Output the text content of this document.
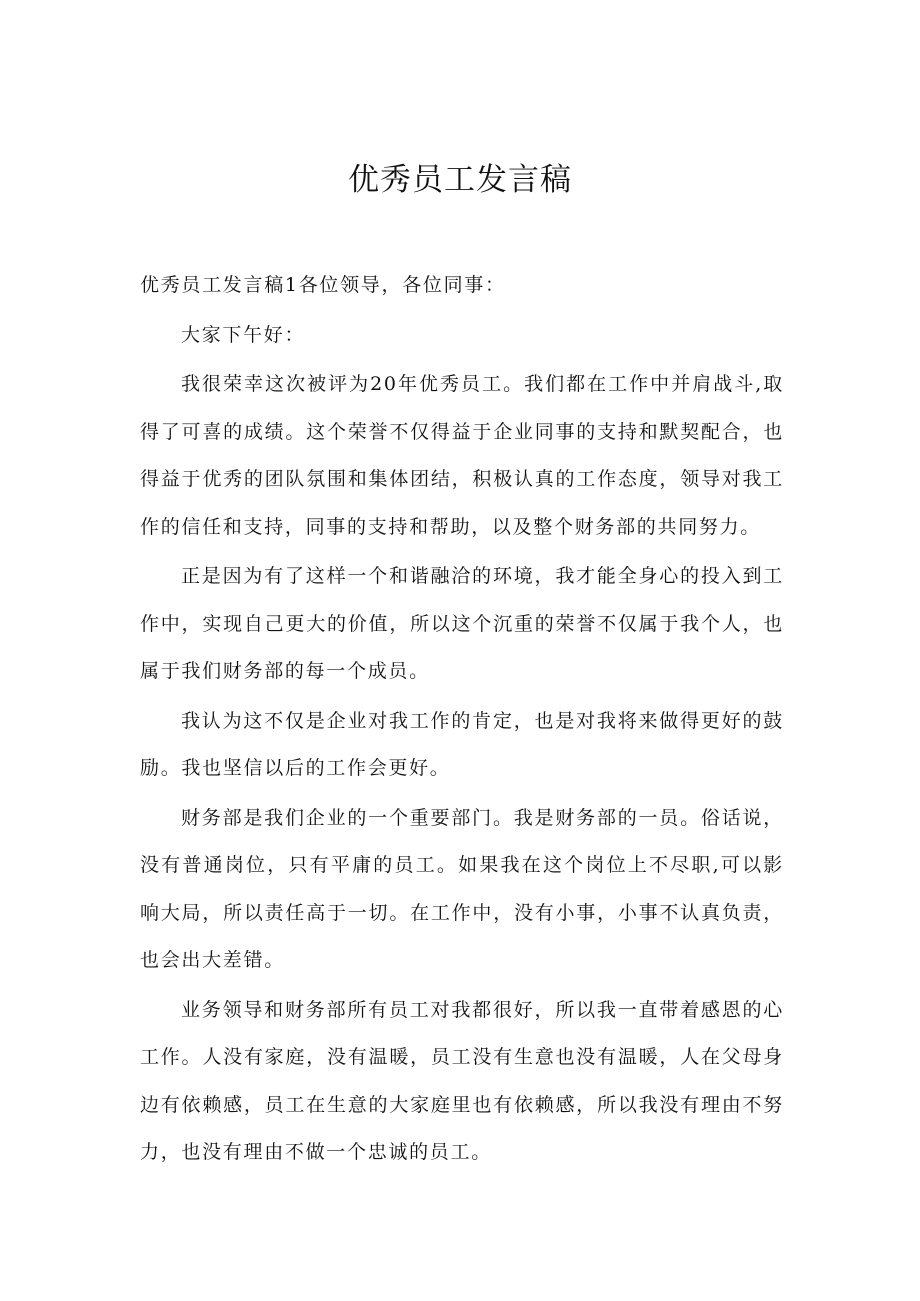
优秀员工发言稿

优秀员工发言稿1各位领导，各位同事：

大家下午好：

我很荣幸这次被评为20年优秀员工。我们都在工作中并肩战斗,取得了可喜的成绩。这个荣誉不仅得益于企业同事的支持和默契配合，也得益于优秀的团队氛围和集体团结，积极认真的工作态度，领导对我工作的信任和支持，同事的支持和帮助，以及整个财务部的共同努力。

正是因为有了这样一个和谐融洽的环境，我才能全身心的投入到工作中，实现自己更大的价值，所以这个沉重的荣誉不仅属于我个人，也属于我们财务部的每一个成员。

我认为这不仅是企业对我工作的肯定，也是对我将来做得更好的鼓励。我也坚信以后的工作会更好。

财务部是我们企业的一个重要部门。我是财务部的一员。俗话说，没有普通岗位，只有平庸的员工。如果我在这个岗位上不尽职,可以影响大局，所以责任高于一切。在工作中，没有小事，小事不认真负责，也会出大差错。

业务领导和财务部所有员工对我都很好，所以我一直带着感恩的心工作。人没有家庭，没有温暖，员工没有生意也没有温暖，人在父母身边有依赖感，员工在生意的大家庭里也有依赖感，所以我没有理由不努力，也没有理由不做一个忠诚的员工。
